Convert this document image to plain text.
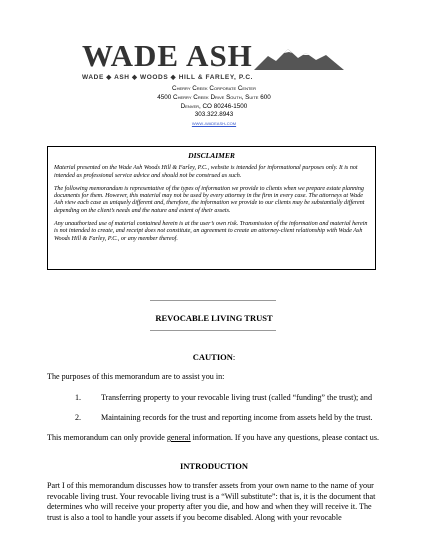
WADE ASH
WADE ◆ ASH ◆ WOODS ◆ HILL & FARLEY, P.C.
Cherry Creek Corporate Center
4500 Cherry Creek Drive South, Suite 600
Denver, CO 80246-1500
303.322.8943
www.wadeash.com
DISCLAIMER

Material presented on the Wade Ash Woods Hill & Farley, P.C., website is intended for informational purposes only. It is not intended as professional service advice and should not be construed as such.

The following memorandum is representative of the types of information we provide to clients when we prepare estate planning documents for them. However, this material may not be used by every attorney in the firm in every case. The attorneys at Wade Ash view each case as uniquely different and, therefore, the information we provide to our clients may be substantially different depending on the client’s needs and the nature and extent of their assets.

Any unauthorized use of material contained herein is at the user’s own risk. Transmission of the information and material herein is not intended to create, and receipt does not constitute, an agreement to create an attorney-client relationship with Wade Ash Woods Hill & Farley, P.C., or any member thereof.

REVOCABLE LIVING TRUST
CAUTION:
The purposes of this memorandum are to assist you in:
1. Transferring property to your revocable living trust (called “funding” the trust); and
2. Maintaining records for the trust and reporting income from assets held by the trust.
This memorandum can only provide general information. If you have any questions, please contact us.
INTRODUCTION
Part I of this memorandum discusses how to transfer assets from your own name to the name of your revocable living trust. Your revocable living trust is a “Will substitute”: that is, it is the document that determines who will receive your property after you die, and how and when they will receive it. The trust is also a tool to handle your assets if you become disabled. Along with your revocable
